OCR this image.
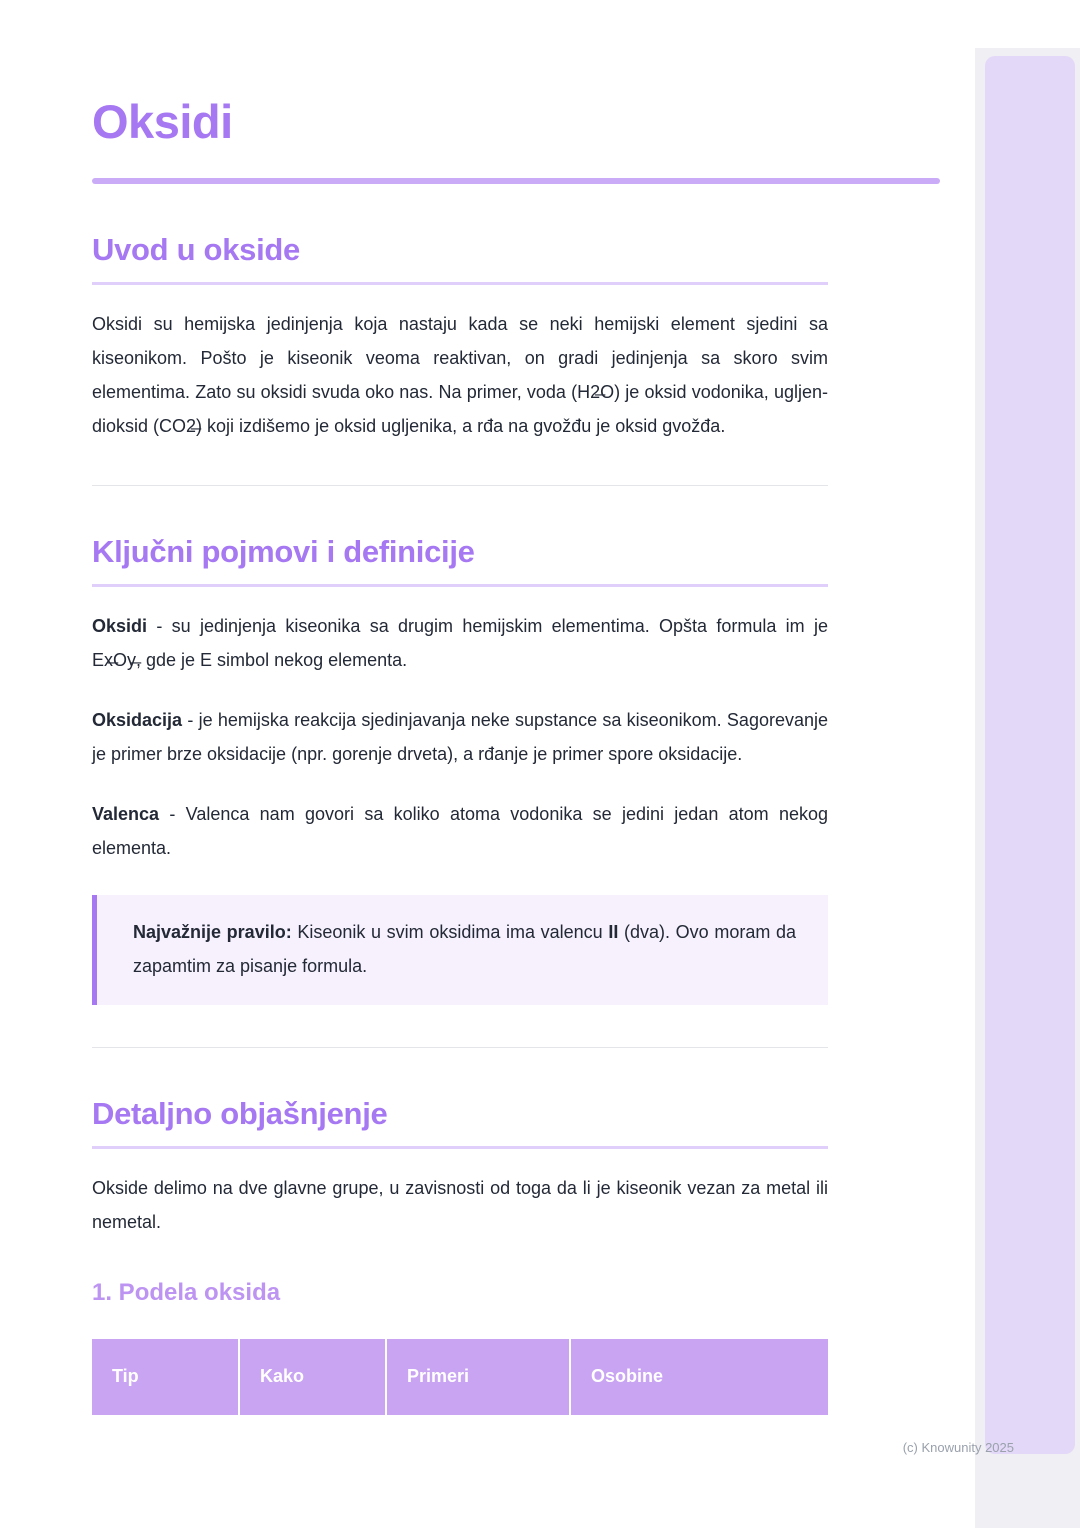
Oksidi
Uvod u okside

Oksidi su hemijska jedinjenja koja nastaju kada se neki hemijski element sjedini sa kiseonikom. Pošto je kiseonik veoma reaktivan, on gradi jedinjenja sa skoro svim elementima. Zato su oksidi svuda oko nas. Na primer, voda (H2̶O) je oksid vodonika, ugljen-dioksid (CO2̶) koji izdišemo je oksid ugljenika, a rđa na gvožđu je oksid gvožđa.

Ključni pojmovi i definicije

Oksidi - su jedinjenja kiseonika sa drugim hemijskim elementima. Opšta formula im je Ex̶Oy̶, gde je E simbol nekog elementa.

Oksidacija - je hemijska reakcija sjedinjavanja neke supstance sa kiseonikom. Sagorevanje je primer brze oksidacije (npr. gorenje drveta), a rđanje je primer spore oksidacije.

Valenca - Valenca nam govori sa koliko atoma vodonika se jedini jedan atom nekog elementa.

Najvažnije pravilo: Kiseonik u svim oksidima ima valencu II (dva). Ovo moram da zapamtim za pisanje formula.

Detaljno objašnjenje

Okside delimo na dve glavne grupe, u zavisnosti od toga da li je kiseonik vezan za metal ili nemetal.

1. Podela oksida
Tip	Kako	Primeri	Osobine
(c) Knowunity 2025
